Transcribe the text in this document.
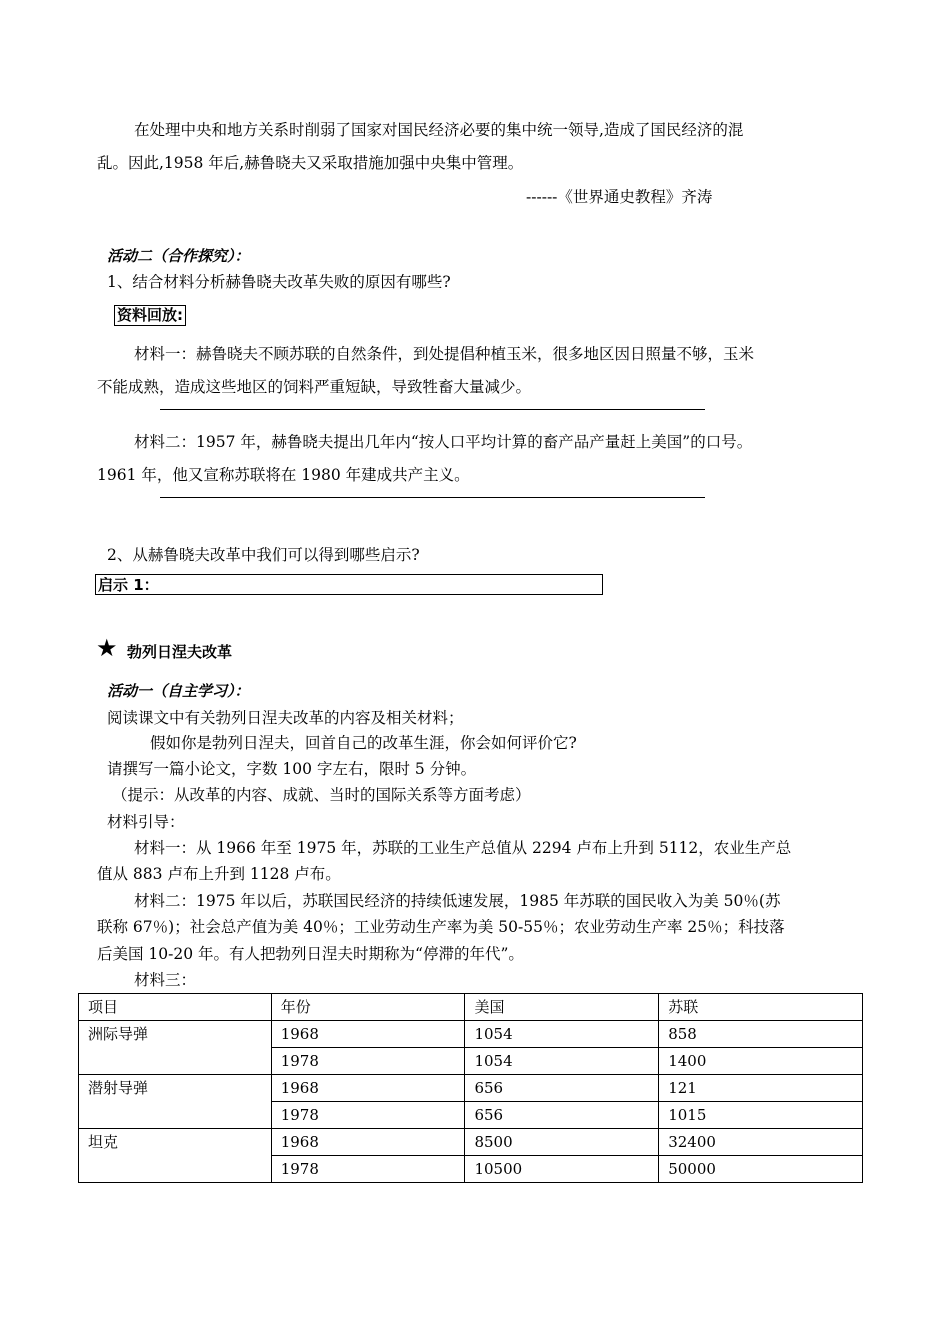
在处理中央和地方关系时削弱了国家对国民经济必要的集中统一领导,造成了国民经济的混
乱。因此,1958 年后,赫鲁晓夫又采取措施加强中央集中管理。
------《世界通史教程》齐涛
活动二（合作探究）：
1、结合材料分析赫鲁晓夫改革失败的原因有哪些?
资料回放:
材料一：赫鲁晓夫不顾苏联的自然条件，到处提倡种植玉米，很多地区因日照量不够，玉米
不能成熟，造成这些地区的饲料严重短缺，导致牲畜大量减少。
材料二：1957 年，赫鲁晓夫提出几年内“按人口平均计算的畜产品产量赶上美国”的口号。
1961 年，他又宣称苏联将在 1980 年建成共产主义。
2、从赫鲁晓夫改革中我们可以得到哪些启示?
启示 1：
★ 勃列日涅夫改革
活动一（自主学习）：
阅读课文中有关勃列日涅夫改革的内容及相关材料；
假如你是勃列日涅夫，回首自己的改革生涯，你会如何评价它?
请撰写一篇小论文，字数 100 字左右，限时 5 分钟。
（提示：从改革的内容、成就、当时的国际关系等方面考虑）
材料引导：
材料一：从 1966 年至 1975 年，苏联的工业生产总值从 2294 卢布上升到 5112，农业生产总
值从 883 卢布上升到 1128 卢布。
材料二：1975 年以后，苏联国民经济的持续低速发展，1985 年苏联的国民收入为美 50％(苏
联称 67％)；社会总产值为美 40％；工业劳动生产率为美 50-55％；农业劳动生产率 25％；科技落
后美国 10-20 年。有人把勃列日涅夫时期称为“停滞的年代”。
材料三：
项目	年份	美国	苏联
洲际导弹	1968	1054	858
	1978	1054	1400
潜射导弹	1968	656	121
	1978	656	1015
坦克	1968	8500	32400
	1978	10500	50000
